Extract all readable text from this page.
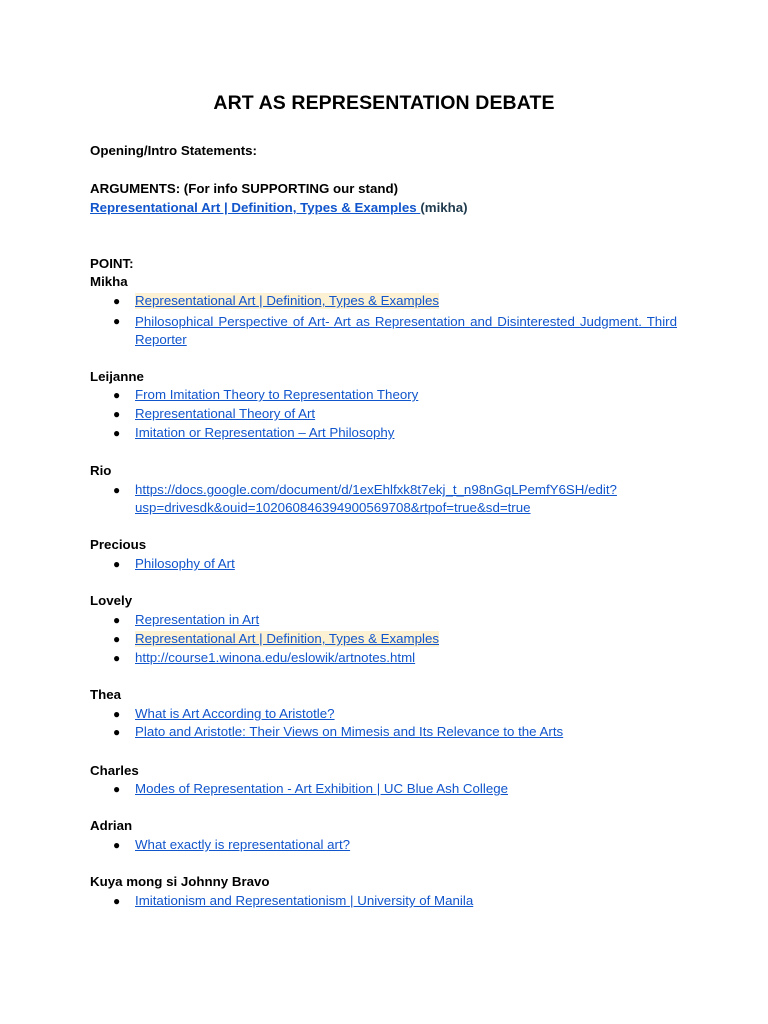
ART AS REPRESENTATION DEBATE
Opening/Intro Statements:
ARGUMENTS: (For info SUPPORTING our stand)
Representational Art | Definition, Types & Examples (mikha)
POINT:
Mikha
● Representational Art | Definition, Types & Examples
● Philosophical Perspective of Art- Art as Representation and Disinterested Judgment. Third Reporter
Leijanne
● From Imitation Theory to Representation Theory
● Representational Theory of Art
● Imitation or Representation – Art Philosophy
Rio
● https://docs.google.com/document/d/1exEhlfxk8t7ekj_t_n98nGqLPemfY6SH/edit?
usp=drivesdk&ouid=102060846394900569708&rtpof=true&sd=true
Precious
● Philosophy of Art
Lovely
● Representation in Art
● Representational Art | Definition, Types & Examples
● http://course1.winona.edu/eslowik/artnotes.html
Thea
● What is Art According to Aristotle?
● Plato and Aristotle: Their Views on Mimesis and Its Relevance to the Arts
Charles
● Modes of Representation - Art Exhibition | UC Blue Ash College
Adrian
● What exactly is representational art?
Kuya mong si Johnny Bravo
● Imitationism and Representationism | University of Manila
